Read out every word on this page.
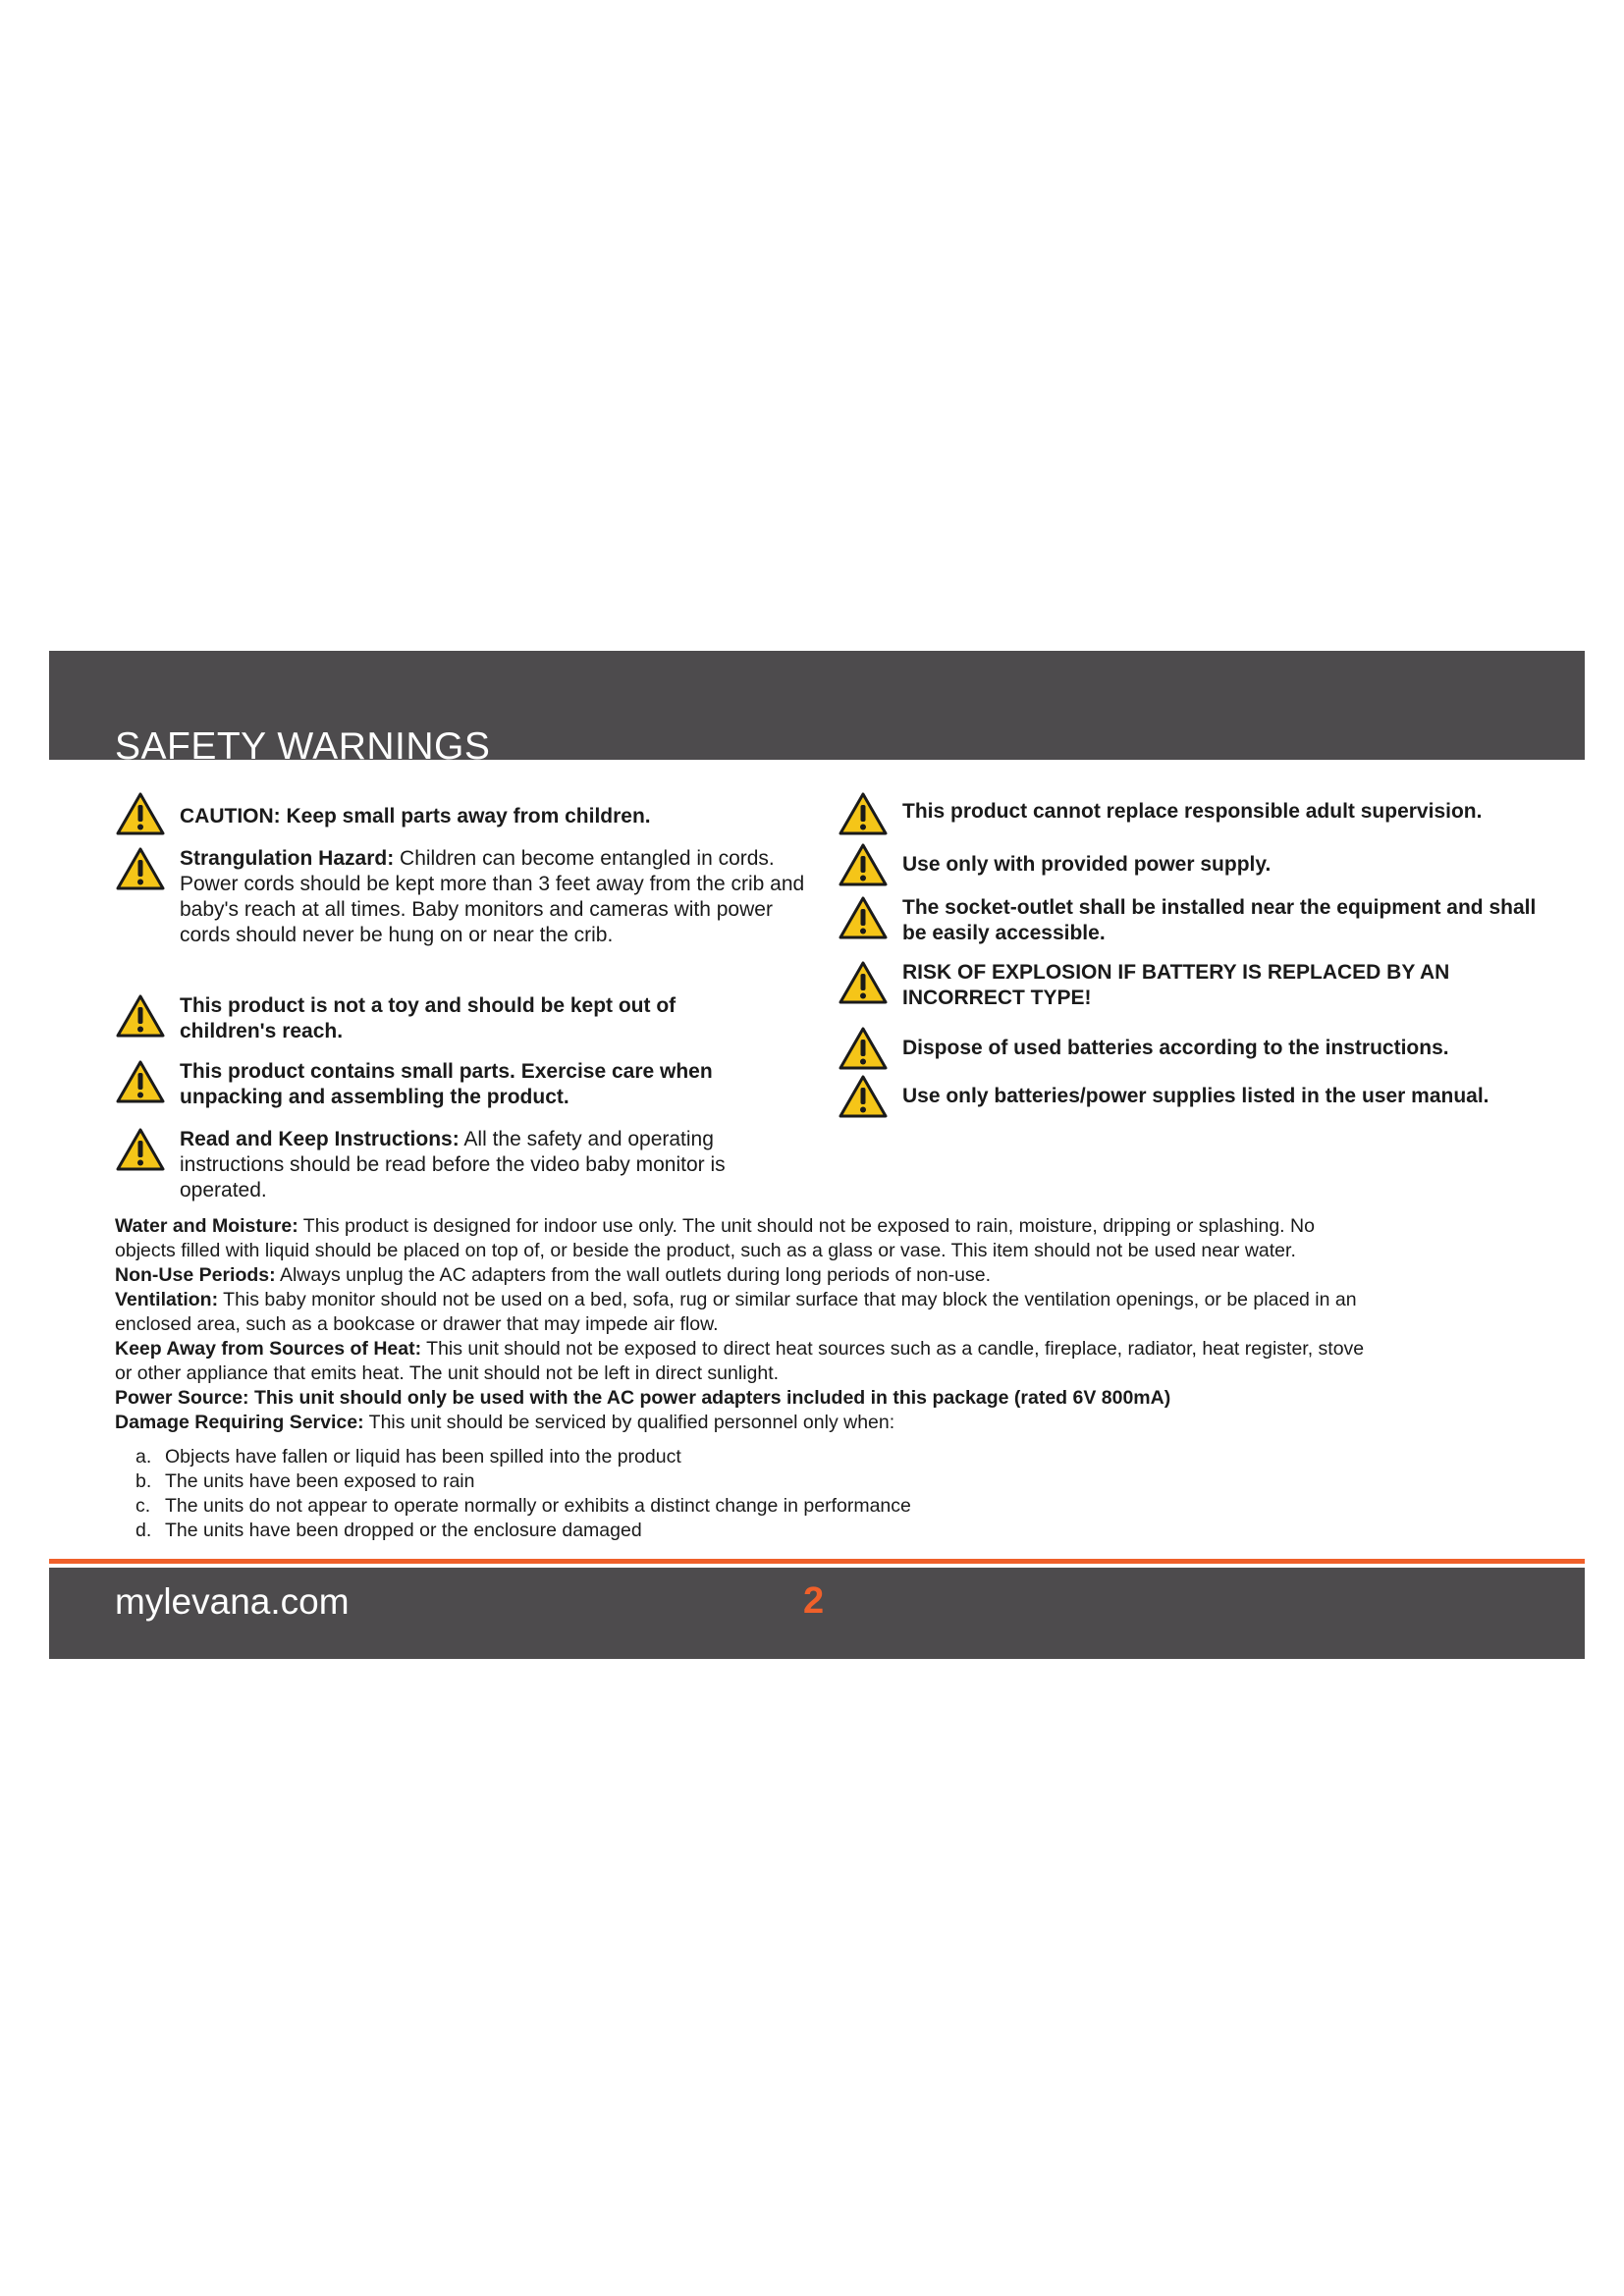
SAFETY WARNINGS
CAUTION: Keep small parts away from children.
Strangulation Hazard: Children can become entangled in cords. Power cords should be kept more than 3 feet away from the crib and baby's reach at all times. Baby monitors and cameras with power cords should never be hung on or near the crib.
This product is not a toy and should be kept out of children's reach.
This product contains small parts. Exercise care when unpacking and assembling the product.
Read and Keep Instructions: All the safety and operating instructions should be read before the video baby monitor is operated.
This product cannot replace responsible adult supervision.
Use only with provided power supply.
The socket-outlet shall be installed near the equipment and shall be easily accessible.
RISK OF EXPLOSION IF BATTERY IS REPLACED BY AN INCORRECT TYPE!
Dispose of used batteries according to the instructions.
Use only batteries/power supplies listed in the user manual.
Water and Moisture: This product is designed for indoor use only. The unit should not be exposed to rain, moisture, dripping or splashing. No
objects filled with liquid should be placed on top of, or beside the product, such as a glass or vase. This item should not be used near water.
Non-Use Periods: Always unplug the AC adapters from the wall outlets during long periods of non-use.
Ventilation: This baby monitor should not be used on a bed, sofa, rug or similar surface that may block the ventilation openings, or be placed in an
enclosed area, such as a bookcase or drawer that may impede air flow.
Keep Away from Sources of Heat: This unit should not be exposed to direct heat sources such as a candle, fireplace, radiator, heat register, stove
or other appliance that emits heat. The unit should not be left in direct sunlight.
Power Source: This unit should only be used with the AC power adapters included in this package (rated 6V 800mA)
Damage Requiring Service: This unit should be serviced by qualified personnel only when:
a. Objects have fallen or liquid has been spilled into the product
b. The units have been exposed to rain
c. The units do not appear to operate normally or exhibits a distinct change in performance
d. The units have been dropped or the enclosure damaged
mylevana.com	2
